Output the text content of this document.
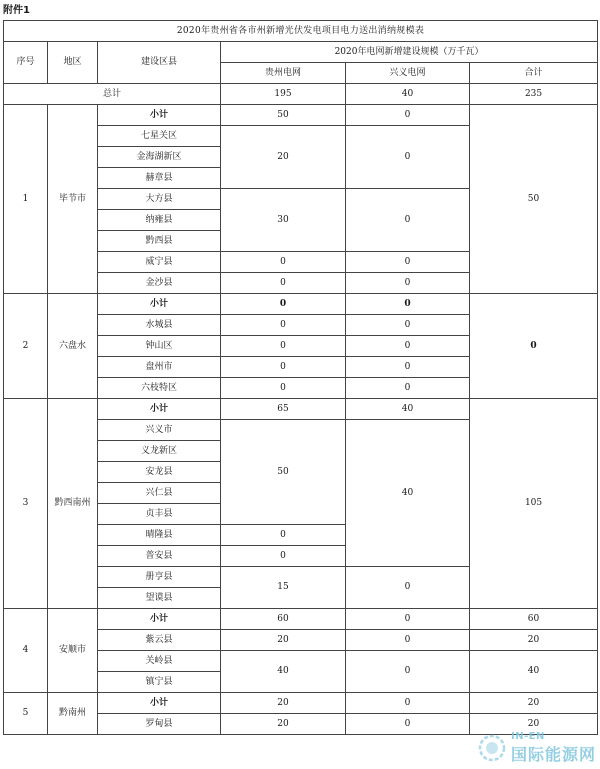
附件1
2020年贵州省各市州新增光伏发电项目电力送出消纳规模表					
序号	地区	建设区县	2020年电网新增建设规模（万千瓦）		
			贵州电网	兴义电网	合计
总计			195	40	235
1	毕节市	小计	50	0	50
		七星关区	20	0	
		金海湖新区			
		赫章县			
		大方县	30	0	
		纳雍县			
		黔西县			
		威宁县	0	0	
		金沙县	0	0	
2	六盘水	小计	0	0	0
		水城县	0	0	
		钟山区	0	0	
		盘州市	0	0	
		六枝特区	0	0	
3	黔西南州	小计	65	40	105
		兴义市	50	40	
		义龙新区			
		安龙县			
		兴仁县			
		贞丰县			
		晴隆县	0		
		普安县	0		
		册亨县	15	0	
		望谟县			
4	安顺市	小计	60	0	60
		紫云县	20	0	20
		关岭县	40	0	40
		镇宁县			
5	黔南州	小计	20	0	20
		罗甸县	20	0	20
IN-EN
国际能源网
